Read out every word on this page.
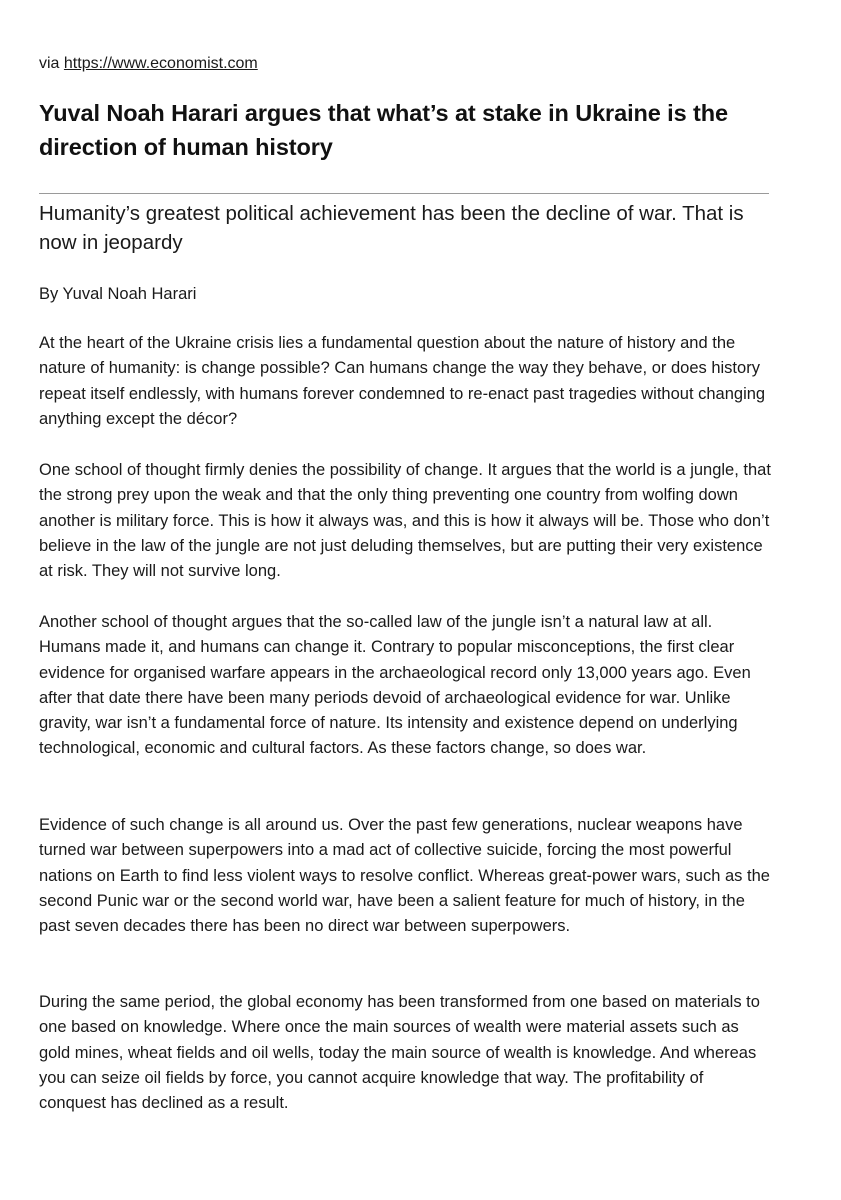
via https://www.economist.com
Yuval Noah Harari argues that what’s at stake in Ukraine is the direction of human history

Humanity’s greatest political achievement has been the decline of war. That is now in jeopardy

By Yuval Noah Harari

At the heart of the Ukraine crisis lies a fundamental question about the nature of history and the nature of humanity: is change possible? Can humans change the way they behave, or does history repeat itself endlessly, with humans forever condemned to re-enact past tragedies without changing anything except the décor?

One school of thought firmly denies the possibility of change. It argues that the world is a jungle, that the strong prey upon the weak and that the only thing preventing one country from wolfing down another is military force. This is how it always was, and this is how it always will be. Those who don’t believe in the law of the jungle are not just deluding themselves, but are putting their very existence at risk. They will not survive long.

Another school of thought argues that the so-called law of the jungle isn’t a natural law at all. Humans made it, and humans can change it. Contrary to popular misconceptions, the first clear evidence for organised warfare appears in the archaeological record only 13,000 years ago. Even after that date there have been many periods devoid of archaeological evidence for war. Unlike gravity, war isn’t a fundamental force of nature. Its intensity and existence depend on underlying technological, economic and cultural factors. As these factors change, so does war.

Evidence of such change is all around us. Over the past few generations, nuclear weapons have turned war between superpowers into a mad act of collective suicide, forcing the most powerful nations on Earth to find less violent ways to resolve conflict. Whereas great-power wars, such as the second Punic war or the second world war, have been a salient feature for much of history, in the past seven decades there has been no direct war between superpowers.

During the same period, the global economy has been transformed from one based on materials to one based on knowledge. Where once the main sources of wealth were material assets such as gold mines, wheat fields and oil wells, today the main source of wealth is knowledge. And whereas you can seize oil fields by force, you cannot acquire knowledge that way. The profitability of conquest has declined as a result.
